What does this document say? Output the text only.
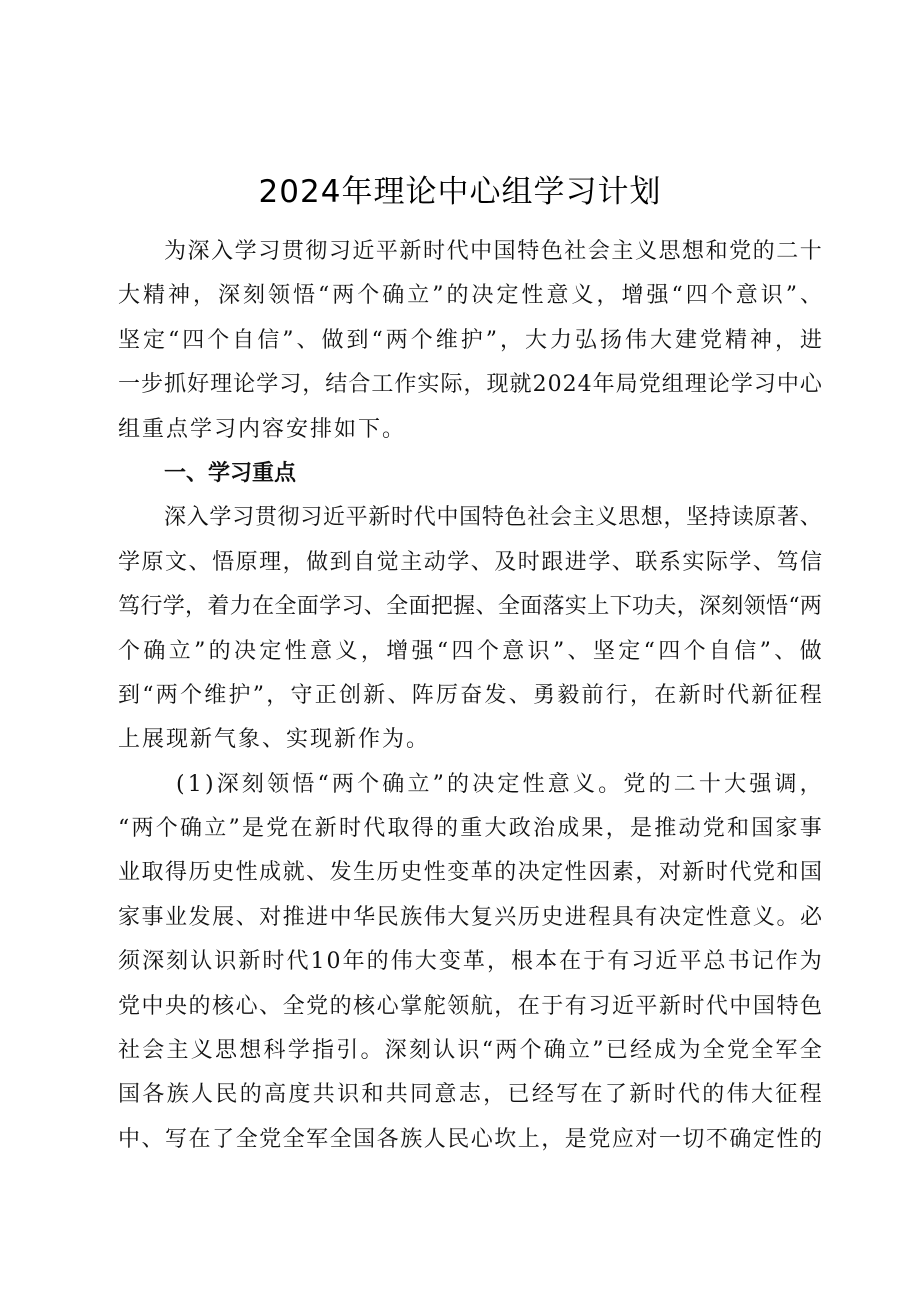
2024年理论中心组学习计划
为 深 入 学 习 贯 彻 习 近 平 新 时 代 中 国 特 色 社 会 主 义 思 想 和 党 的 二 十
大 精 神 ， 深 刻 领 悟 “ 两 个 确 立 ” 的 决 定 性 意 义 ， 增 强 “ 四 个 意 识 ” 、
坚 定 “ 四 个 自 信 ” 、 做 到 “ 两 个 维 护 ” ， 大 力 弘 扬 伟 大 建 党 精 神 ， 进
一 步 抓 好 理 论 学 习 ， 结 合 工 作 实 际 ， 现 就 2 0 2 4 年 局 党 组 理 论 学 习 中 心
组重点学习内容安排如下。
一、学习重点
深 入 学 习 贯 彻 习 近 平 新 时 代 中 国 特 色 社 会 主 义 思 想 ， 坚 持 读 原 著 、
学 原 文 、 悟 原 理 ， 做 到 自 觉 主 动 学 、 及 时 跟 进 学 、 联 系 实 际 学 、 笃 信
笃 行 学 ， 着 力 在 全 面 学 习 、 全 面 把 握 、 全 面 落 实 上 下 功 夫 ， 深 刻 领 悟 “ 两
个 确 立 ” 的 决 定 性 意 义 ， 增 强 “ 四 个 意 识 ” 、 坚 定 “ 四 个 自 信 ” 、 做
到 “ 两 个 维 护 ” ， 守 正 创 新 、 阵 厉 奋 发 、 勇 毅 前 行 ， 在 新 时 代 新 征 程
上展现新气象、实现新作为。
( 1 ) 深 刻 领 悟 “ 两 个 确 立 ” 的 决 定 性 意 义 。 党 的 二 十 大 强 调 ，
“ 两 个 确 立 ” 是 党 在 新 时 代 取 得 的 重 大 政 治 成 果 ， 是 推 动 党 和 国 家 事
业 取 得 历 史 性 成 就 、 发 生 历 史 性 变 革 的 决 定 性 因 素 ， 对 新 时 代 党 和 国
家 事 业 发 展 、 对 推 进 中 华 民 族 伟 大 复 兴 历 史 进 程 具 有 决 定 性 意 义 。 必
须 深 刻 认 识 新 时 代 1 0 年 的 伟 大 变 革 ， 根 本 在 于 有 习 近 平 总 书 记 作 为
党 中 央 的 核 心 、 全 党 的 核 心 掌 舵 领 航 ， 在 于 有 习 近 平 新 时 代 中 国 特 色
社 会 主 义 思 想 科 学 指 引 。 深 刻 认 识 “ 两 个 确 立 ” 已 经 成 为 全 党 全 军 全
国 各 族 人 民 的 高 度 共 识 和 共 同 意 志 ， 已 经 写 在 了 新 时 代 的 伟 大 征 程
中 、 写 在 了 全 党 全 军 全 国 各 族 人 民 心 坎 上 ， 是 党 应 对 一 切 不 确 定 性 的
